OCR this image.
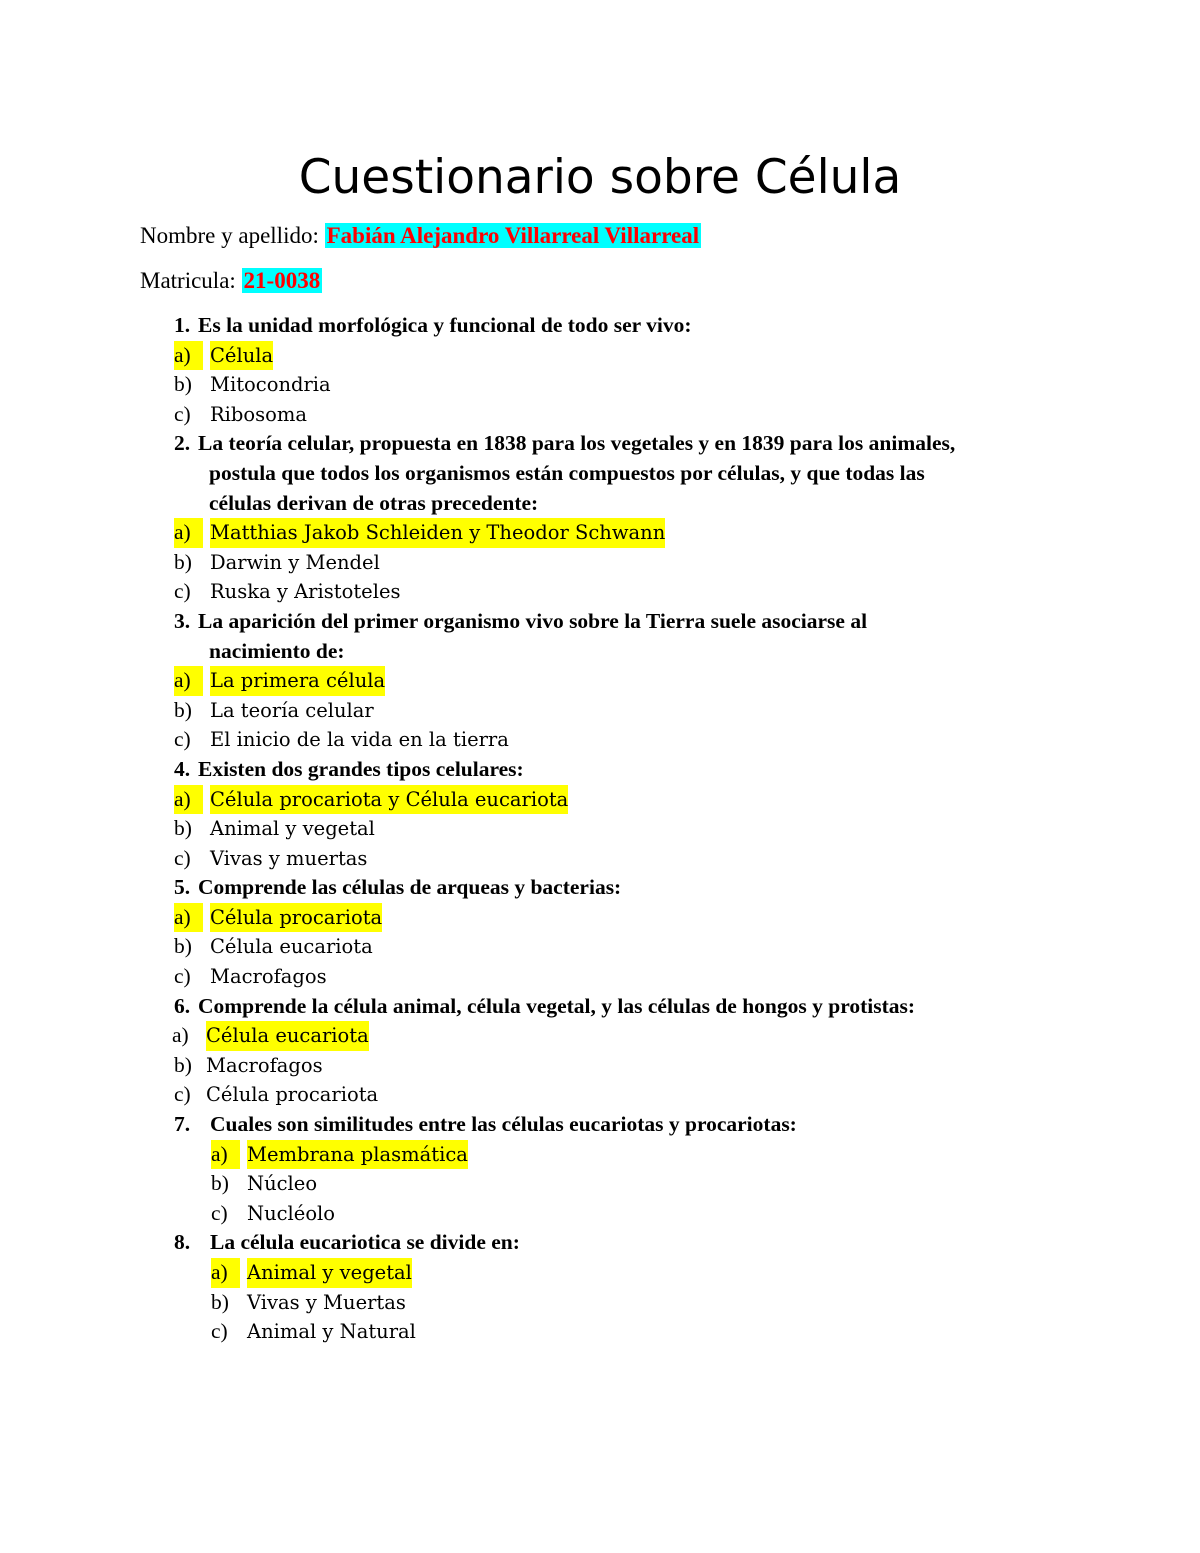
Cuestionario sobre Célula
Nombre y apellido: Fabián Alejandro Villarreal Villarreal
Matricula: 21-0038
1. Es la unidad morfológica y funcional de todo ser vivo:
a) Célula
b) Mitocondria
c) Ribosoma
2. La teoría celular, propuesta en 1838 para los vegetales y en 1839 para los animales,
postula que todos los organismos están compuestos por células, y que todas las
células derivan de otras precedente:
a) Matthias Jakob Schleiden y Theodor Schwann
b) Darwin y Mendel
c) Ruska y Aristoteles
3. La aparición del primer organismo vivo sobre la Tierra suele asociarse al
nacimiento de:
a) La primera célula
b) La teoría celular
c) El inicio de la vida en la tierra
4. Existen dos grandes tipos celulares:
a) Célula procariota y Célula eucariota
b) Animal y vegetal
c) Vivas y muertas
5. Comprende las células de arqueas y bacterias:
a) Célula procariota
b) Célula eucariota
c) Macrofagos
6. Comprende la célula animal, célula vegetal, y las células de hongos y protistas:
a) Célula eucariota
b) Macrofagos
c) Célula procariota
7. Cuales son similitudes entre las células eucariotas y procariotas:
a) Membrana plasmática
b) Núcleo
c) Nucléolo
8. La célula eucariotica se divide en:
a) Animal y vegetal
b) Vivas y Muertas
c) Animal y Natural
